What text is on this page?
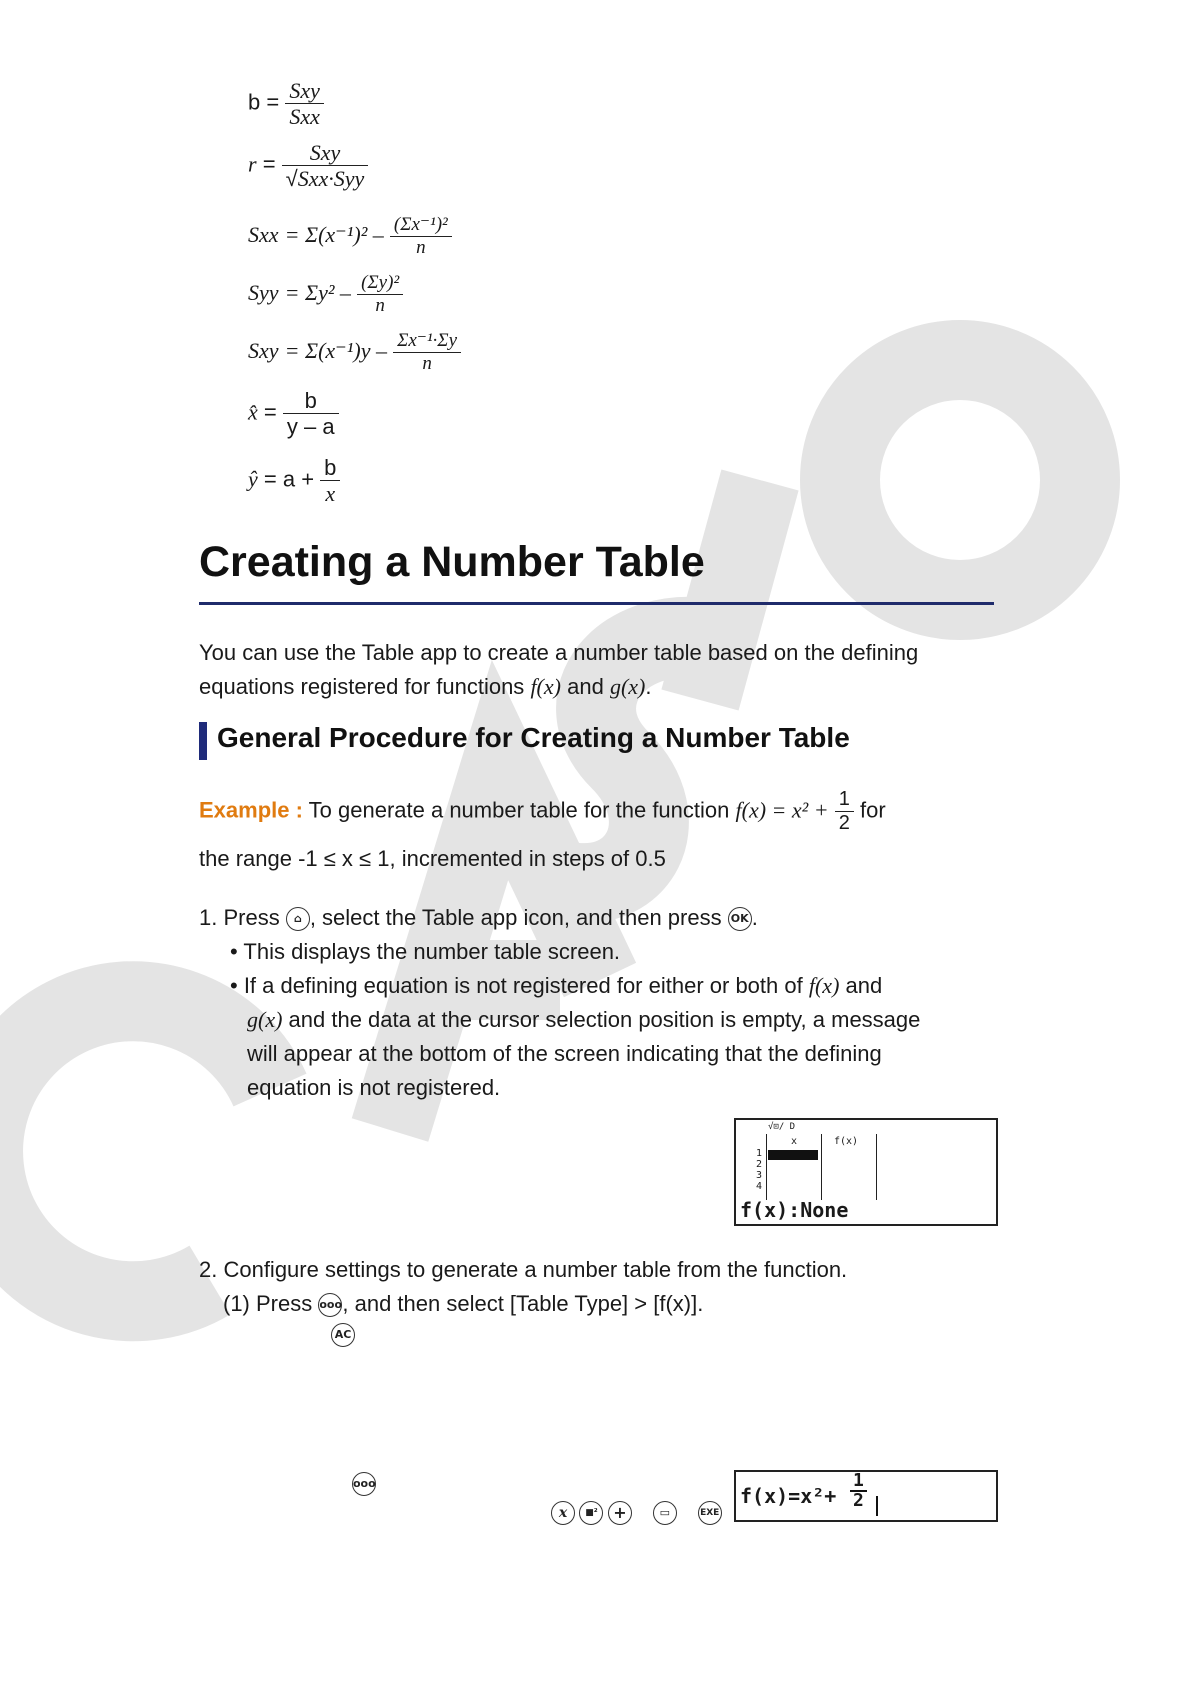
$b = \frac{\text{Sxy}}{\text{Sxx}}$
$r = \frac{\text{Sxy}}{\text{√Sxx·Syy}}$
Sxx = $\Sigma(x^{-1})^2 - \frac{\text{(Σx⁻¹)²}}{n}$
Syy = $\Sigma y^2 - \frac{\text{(Σy)²}}{n}$
Sxy = $\Sigma(x^{-1})y - \frac{\text{Σx⁻¹·Σy}}{n}$
x̂ = $\frac{b}{y - a}$
ŷ = $a + \frac{b}{x}$
Creating a Number Table
You can use the Table app to create a number table based on the defining
equations registered for functions f(x) and g(x).
General Procedure for Creating a Number Table
Example : To generate a number table for the function $f(x) = x^2 + \frac{1}{2}$ for
the range -1 ≤ x ≤ 1, incremented in steps of 0.5
1. Press ⌂ , select the Table app icon, and then press OK .
• This displays the number table screen.
• If a defining equation is not registered for either or both of f(x) and
g(x) and the data at the cursor selection position is empty, a message
will appear at the bottom of the screen indicating that the defining
equation is not registered.
√⊡/ D
x	f(x)
1
2
3
4
f(x):None
2. Configure settings to generate a number table from the function.
(1) Press ooo, and then select [Table Type] > [f(x)].
AC
ooo
x ■² +	▭	EXE
$f(x)=x^2+ \frac{1}{2}$
